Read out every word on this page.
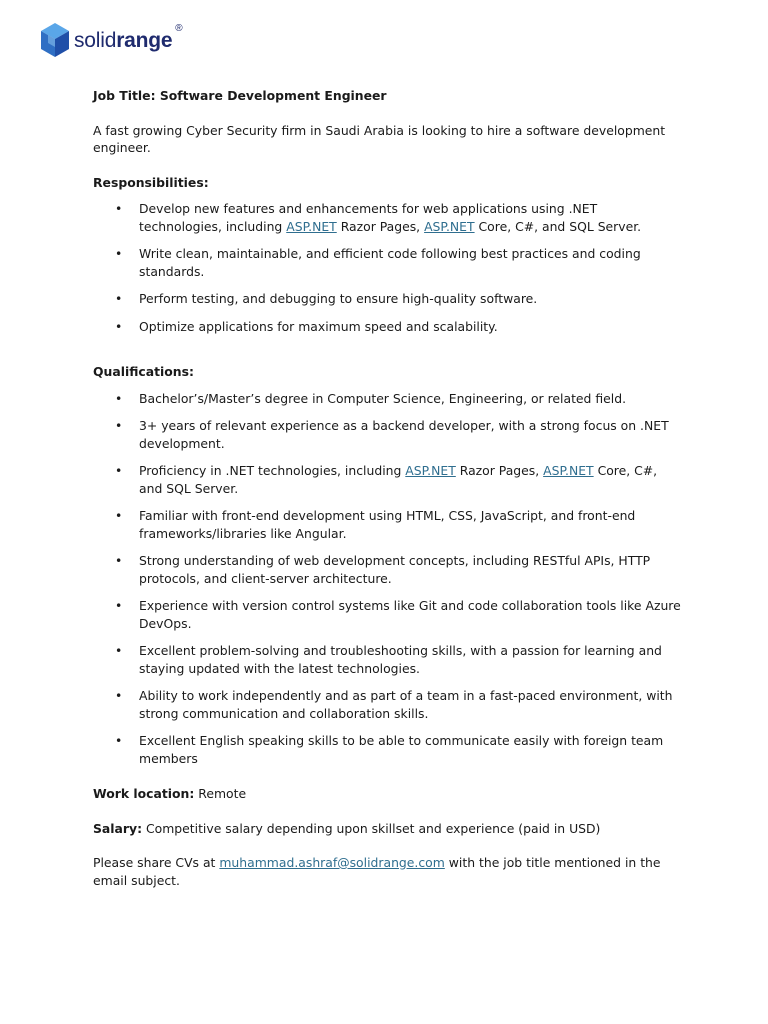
solidrange
®

Job Title: Software Development Engineer

A fast growing Cyber Security firm in Saudi Arabia is looking to hire a software development engineer.

Responsibilities:

• Develop new features and enhancements for web applications using .NET technologies, including ASP.NET Razor Pages, ASP.NET Core, C#, and SQL Server.
• Write clean, maintainable, and efficient code following best practices and coding standards.
• Perform testing, and debugging to ensure high-quality software.
• Optimize applications for maximum speed and scalability.

Qualifications:

• Bachelor’s/Master’s degree in Computer Science, Engineering, or related field.
• 3+ years of relevant experience as a backend developer, with a strong focus on .NET development.
• Proficiency in .NET technologies, including ASP.NET Razor Pages, ASP.NET Core, C#, and SQL Server.
• Familiar with front-end development using HTML, CSS, JavaScript, and front-end frameworks/libraries like Angular.
• Strong understanding of web development concepts, including RESTful APIs, HTTP protocols, and client-server architecture.
• Experience with version control systems like Git and code collaboration tools like Azure DevOps.
• Excellent problem-solving and troubleshooting skills, with a passion for learning and staying updated with the latest technologies.
• Ability to work independently and as part of a team in a fast-paced environment, with strong communication and collaboration skills.
• Excellent English speaking skills to be able to communicate easily with foreign team members

Work location: Remote

Salary: Competitive salary depending upon skillset and experience (paid in USD)

Please share CVs at muhammad.ashraf@solidrange.com with the job title mentioned in the email subject.
